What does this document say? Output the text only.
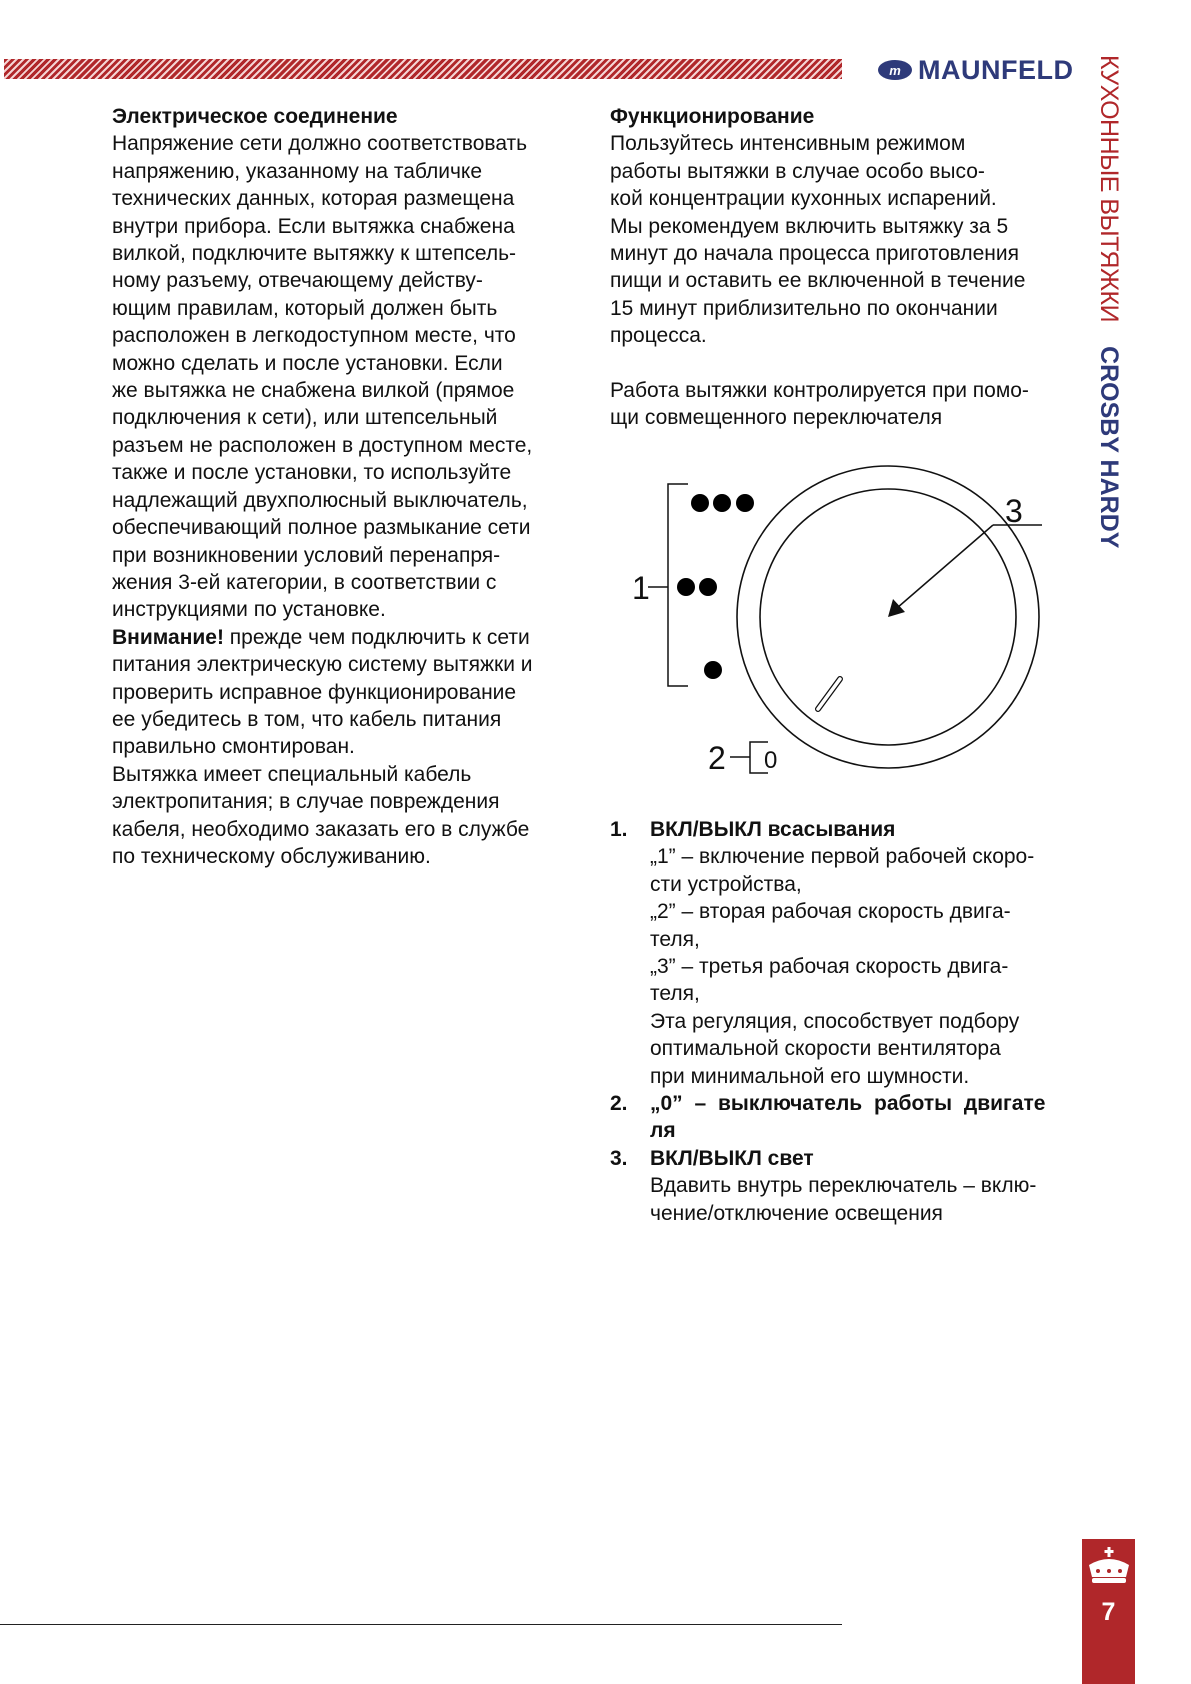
m MAUNFELD КУХОННЫЕ ВЫТЯЖКИCROSBY HARDY
Электрическое соединение
Напряжение сети должно соответствовать
напряжению, указанному на табличке
технических данных, которая размещена
внутри прибора. Если вытяжка снабжена
вилкой, подключите вытяжку к штепсель-
ному разъему, отвечающему действу-
ющим правилам, который должен быть
расположен в легкодоступном месте, что
можно сделать и после установки. Если
же вытяжка не снабжена вилкой (прямое
подключения к сети), или штепсельный
разъем не расположен в доступном месте,
также и после установки, то используйте
надлежащий двухполюсный выключатель,
обеспечивающий полное размыкание сети
при возникновении условий перенапря-
жения 3-ей категории, в соответствии с
инструкциями по установке.
Внимание! прежде чем подключить к сети
питания электрическую систему вытяжки и
проверить исправное функционирование
ее убедитесь в том, что кабель питания
правильно смонтирован.
Вытяжка имеет специальный кабель
электропитания; в случае повреждения
кабеля, необходимо заказать его в службе
по техническому обслуживанию.
Функционирование
Пользуйтесь интенсивным режимом
работы вытяжки в случае особо высо-
кой концентрации кухонных испарений.
Мы рекомендуем включить вытяжку за 5
минут до начала процесса приготовления
пищи и оставить ее включенной в течение
15 минут приблизительно по окончании
процесса.
Работа вытяжки контролируется при помо-
щи совмещенного переключателя
1
3
2 0
1.	ВКЛ/ВЫКЛ всасывания
„1” – включение первой рабочей скоро-
сти устройства,
„2” – вторая рабочая скорость двига-
теля,
„3” – третья рабочая скорость двига-
теля,
Эта регуляция, способствует подбору
оптимальной скорости вентилятора
при минимальной его шумности.
2.	„0” – выключатель работы двигате
ля
3.	ВКЛ/ВЫКЛ свет
Вдавить внутрь переключатель – вклю-
чение/отключение освещения
7
